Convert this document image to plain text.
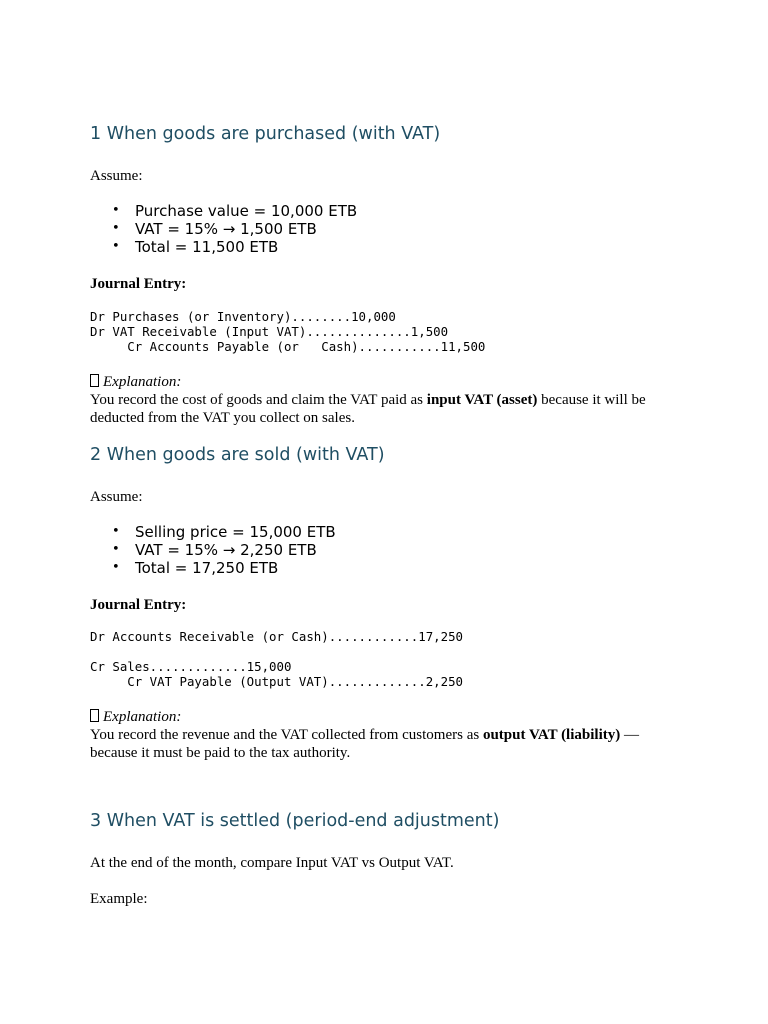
1 When goods are purchased (with VAT)
Assume:
• Purchase value = 10,000 ETB
• VAT = 15% → 1,500 ETB
• Total = 11,500 ETB
Journal Entry:
Dr Purchases (or Inventory)........10,000
Dr VAT Receivable (Input VAT)..............1,500
Cr Accounts Payable (or   Cash)...........11,500
Explanation:
You record the cost of goods and claim the VAT paid as input VAT (asset) because it will be deducted from the VAT you collect on sales.
2 When goods are sold (with VAT)
Assume:
• Selling price = 15,000 ETB
• VAT = 15% → 2,250 ETB
• Total = 17,250 ETB
Journal Entry:
Dr Accounts Receivable (or Cash)............17,250
Cr Sales.............15,000
Cr VAT Payable (Output VAT).............2,250
Explanation:
You record the revenue and the VAT collected from customers as output VAT (liability) — because it must be paid to the tax authority.
3 When VAT is settled (period-end adjustment)
At the end of the month, compare Input VAT vs Output VAT.
Example:
